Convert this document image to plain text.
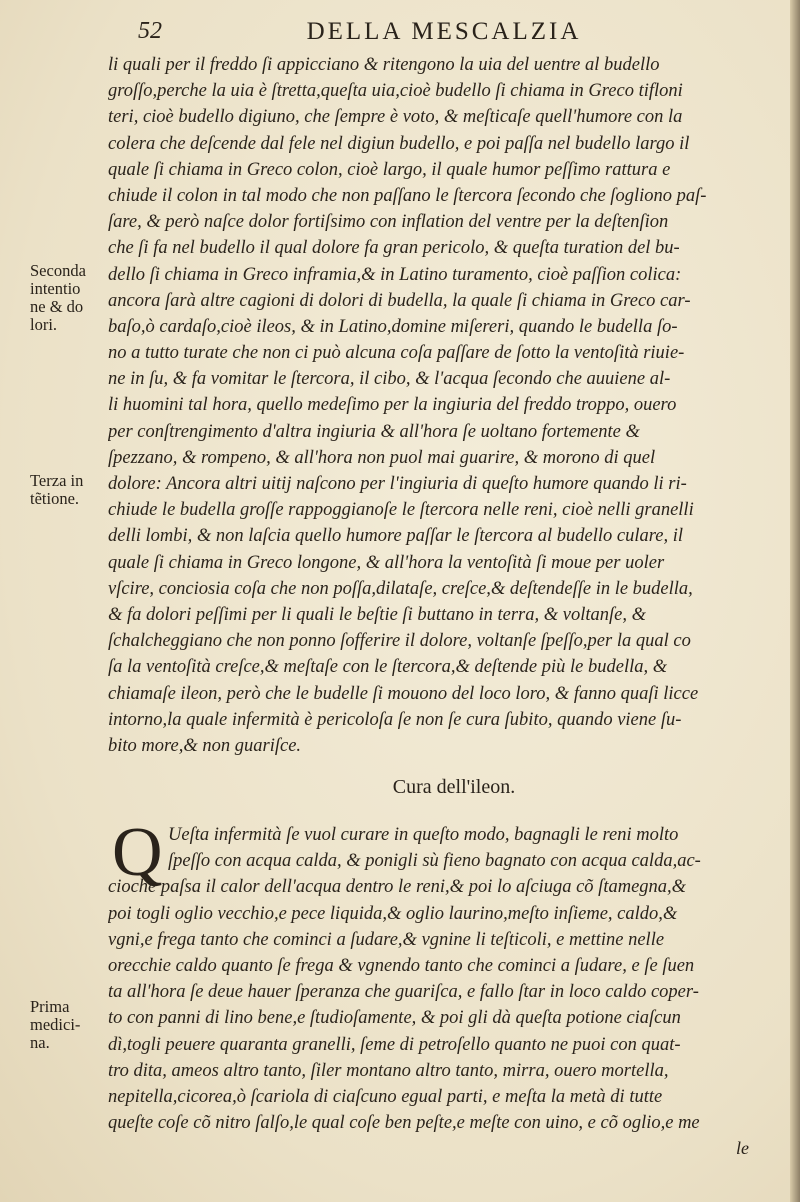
52	DELLA MESCALZIA
li quali per il freddo ſi appicciano & ritengono la uia del uentre al budello
groſſo,perche la uia è ſtretta,queſta uia,cioè budello ſi chiama in Greco tifloni
teri, cioè budello digiuno, che ſempre è voto, & meſticaſe quell'humore con la
colera che deſcende dal fele nel digiun budello, e poi paſſa nel budello largo il
quale ſi chiama in Greco colon, cioè largo, il quale humor peſſimo rattura e
chiude il colon in tal modo che non paſſano le ſtercora ſecondo che ſogliono paſ-
ſare, & però naſce dolor fortiſsimo con inflation del ventre per la deſtenſion
che ſi fa nel budello il qual dolore fa gran pericolo, & queſta turation del bu-
dello ſi chiama in Greco inframia,& in Latino turamento, cioè paſſion colica:
ancora ſarà altre cagioni di dolori di budella, la quale ſi chiama in Greco car-
baſo,ò cardaſo,cioè ileos, & in Latino,domine miſereri, quando le budella ſo-
no a tutto turate che non ci può alcuna coſa paſſare de ſotto la ventoſità riuie-
ne in ſu, & fa vomitar le ſtercora, il cibo, & l'acqua ſecondo che auuiene al-
li huomini tal hora, quello medeſimo per la ingiuria del freddo troppo, ouero
per conſtrengimento d'altra ingiuria & all'hora ſe uoltano fortemente &
ſpezzano, & rompeno, & all'hora non puol mai guarire, & morono di quel
dolore: Ancora altri uitij naſcono per l'ingiuria di queſto humore quando li ri-
chiude le budella groſſe rappoggianoſe le ſtercora nelle reni, cioè nelli granelli
delli lombi, & non laſcia quello humore paſſar le ſtercora al budello culare, il
quale ſi chiama in Greco longone, & all'hora la ventoſità ſi moue per uoler
vſcire, conciosia coſa che non poſſa,dilataſe, creſce,& deſtendeſſe in le budella,
& fa dolori peſſimi per li quali le beſtie ſi buttano in terra, & voltanſe, &
ſchalcheggiano che non ponno ſofferire il dolore, voltanſe ſpeſſo,per la qual co
ſa la ventoſità creſce,& meſtaſe con le ſtercora,& deſtende più le budella, &
chiamaſe ileon, però che le budelle ſi mouono del loco loro, & fanno quaſi licce
intorno,la quale infermità è pericoloſa ſe non ſe cura ſubito, quando viene ſu-
bito more,& non guariſce.
Seconda
intentio
ne & do
lori.
Terza in
tẽtione.
Prima
medici-
na.
Cura dell'ileon.
Q Ueſta infermità ſe vuol curare in queſto modo, bagnagli le reni molto
ſpeſſo con acqua calda, & ponigli sù fieno bagnato con acqua calda,ac-
cioche paſsa il calor dell'acqua dentro le reni,& poi lo aſciuga cõ ſtamegna,&
poi togli oglio vecchio,e pece liquida,& oglio laurino,meſto inſieme, caldo,&
vgni,e frega tanto che cominci a ſudare,& vgnine li teſticoli, e mettine nelle
orecchie caldo quanto ſe frega & vgnendo tanto che cominci a ſudare, e ſe ſuen
ta all'hora ſe deue hauer ſperanza che guariſca, e fallo ſtar in loco caldo coper-
to con panni di lino bene,e ſtudioſamente, & poi gli dà queſta potione ciaſcun
dì,togli peuere quaranta granelli, ſeme di petroſello quanto ne puoi con quat-
tro dita, ameos altro tanto, ſiler montano altro tanto, mirra, ouero mortella,
nepitella,cicorea,ò ſcariola di ciaſcuno egual parti, e meſta la metà di tutte
queſte coſe cõ nitro ſalſo,le qual coſe ben peſte,e meſte con uino, e cõ oglio,e me
le
